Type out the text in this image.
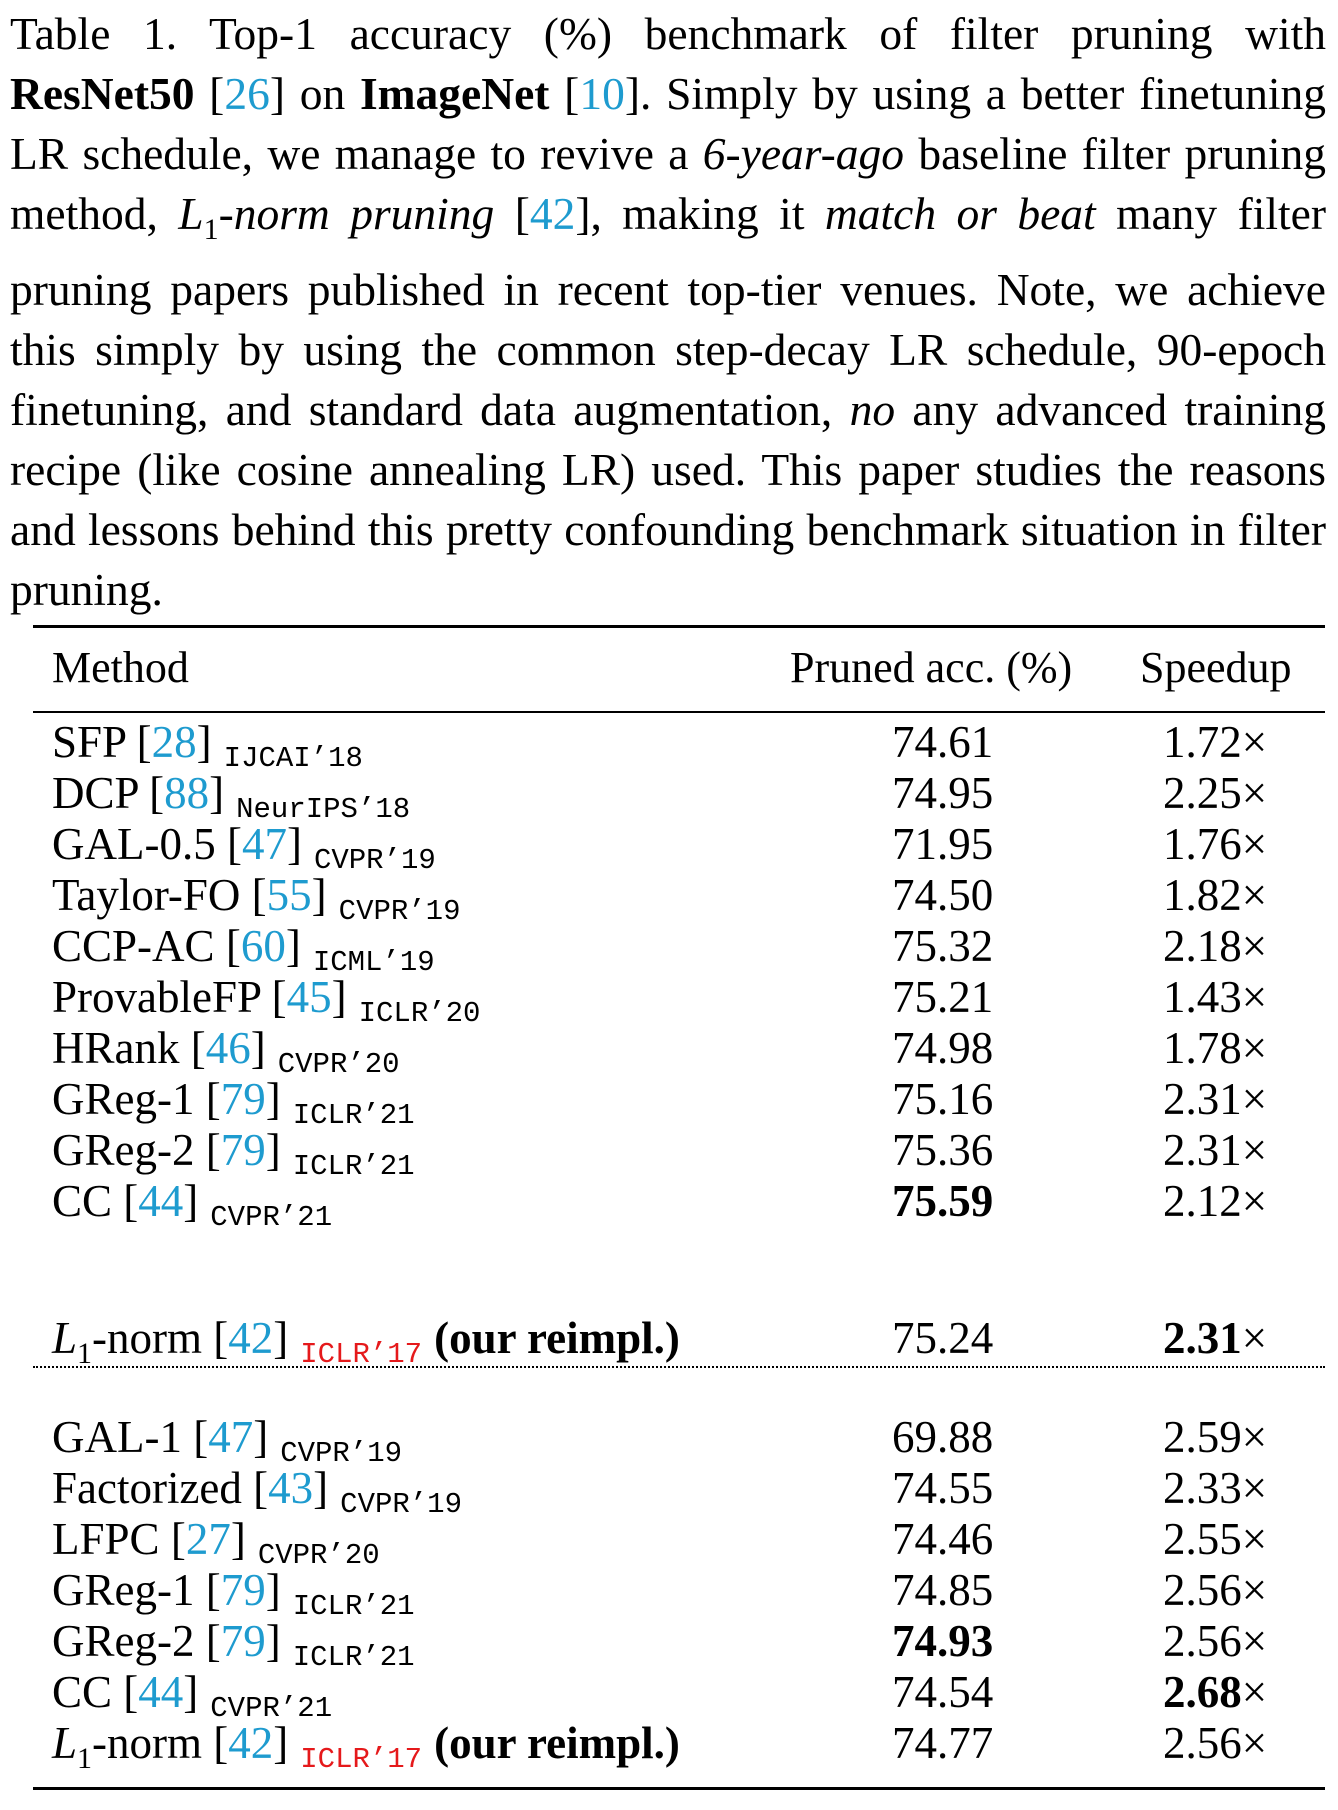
Table 1. Top-1 accuracy (%) benchmark of filter pruning with ResNet50 [26] on ImageNet [10]. Simply by using a better finetuning LR schedule, we manage to revive a 6-year-ago baseline filter pruning method, $L_1$-norm pruning [42], making it match or beat many filter pruning papers published in recent top-tier venues. Note, we achieve this simply by using the common step-decay LR schedule, 90-epoch finetuning, and standard data augmentation, no any advanced training recipe (like cosine annealing LR) used. This paper studies the reasons and lessons behind this pretty confounding benchmark situation in filter pruning.
Method	Pruned acc. (%) Speedup
SFP [28] $_{IJCAI’18}$	74.61	1.72×
DCP [88] $_{NeurIPS’18}$	74.95	2.25×
GAL-0.5 [47] $_{CVPR’19}$	71.95	1.76×
Taylor-FO [55] $_{CVPR’19}$	74.50	1.82×
CCP-AC [60] $_{ICML’19}$	75.32	2.18×
ProvableFP [45] $_{ICLR’20}$	75.21	1.43×
HRank [46] $_{CVPR’20}$	74.98	1.78×
GReg-1 [79] $_{ICLR’21}$	75.16	2.31×
GReg-2 [79] $_{ICLR’21}$	75.36	2.31×
CC [44] $_{CVPR’21}$	75.59	2.12×
$L_1$-norm [42] $_{ICLR’17}$ (our reimpl.)	75.24	2.31×
GAL-1 [47] $_{CVPR’19}$	69.88	2.59×
Factorized [43] $_{CVPR’19}$	74.55	2.33×
LFPC [27] $_{CVPR’20}$	74.46	2.55×
GReg-1 [79] $_{ICLR’21}$	74.85	2.56×
GReg-2 [79] $_{ICLR’21}$	74.93	2.56×
CC [44] $_{CVPR’21}$	74.54	2.68×
$L_1$-norm [42] $_{ICLR’17}$ (our reimpl.)	74.77	2.56×
